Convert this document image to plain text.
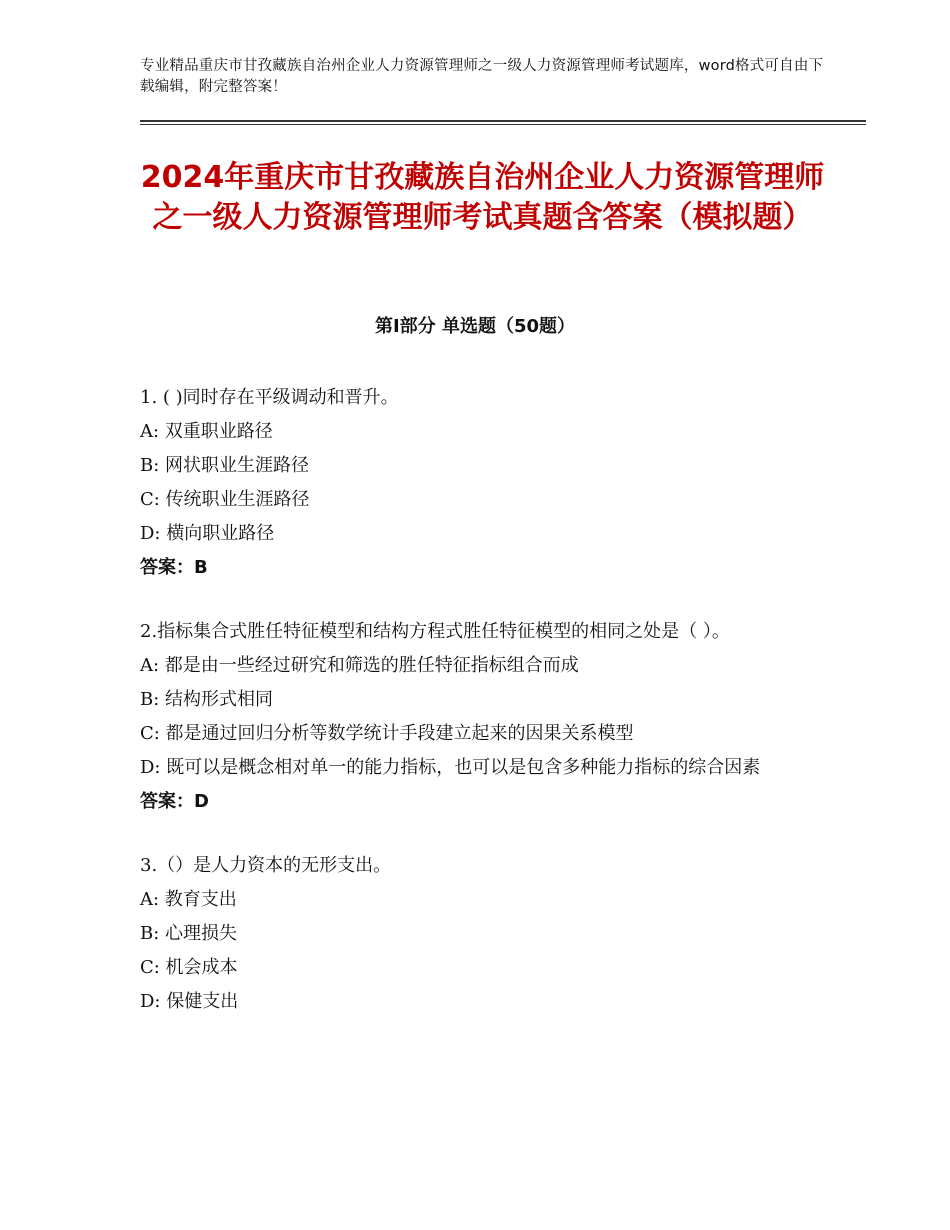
专业精品重庆市甘孜藏族自治州企业人力资源管理师之一级人力资源管理师考试题库，word格式可自由下载编辑，附完整答案！
2024年重庆市甘孜藏族自治州企业人力资源管理师之一级人力资源管理师考试真题含答案（模拟题）
第Ⅰ部分 单选题（50题）
1. ( )同时存在平级调动和晋升。
A: 双重职业路径
B: 网状职业生涯路径
C: 传统职业生涯路径
D: 横向职业路径
答案：B
2.指标集合式胜任特征模型和结构方程式胜任特征模型的相同之处是（ ）。
A: 都是由一些经过研究和筛选的胜任特征指标组合而成
B: 结构形式相同
C: 都是通过回归分析等数学统计手段建立起来的因果关系模型
D: 既可以是概念相对单一的能力指标，也可以是包含多种能力指标的综合因素
答案：D
3.（）是人力资本的无形支出。
A: 教育支出
B: 心理损失
C: 机会成本
D: 保健支出
